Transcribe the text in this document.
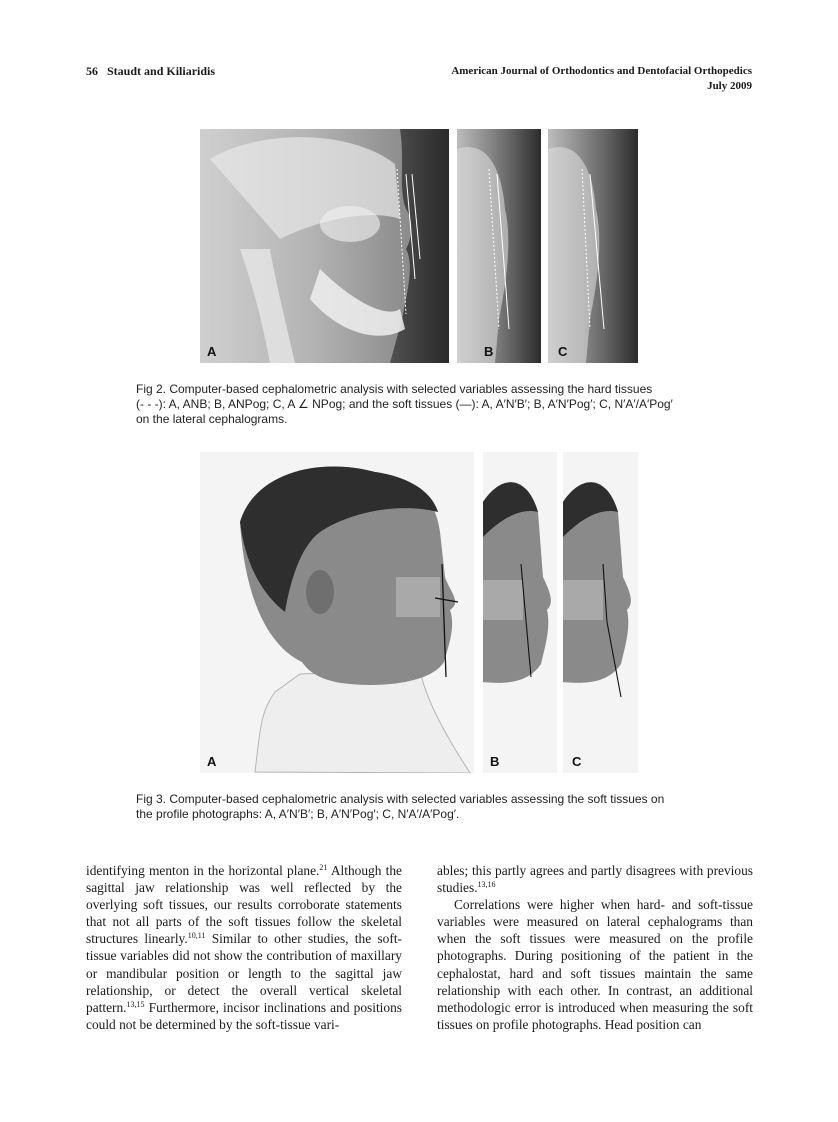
56 Staudt and Kiliaridis	American Journal of Orthodontics and Dentofacial Orthopedics
July 2009
A	B	C
Fig 2. Computer-based cephalometric analysis with selected variables assessing the hard tissues
(- - -): A, ANB; B, ANPog; C, A ∠ NPog; and the soft tissues (—): A, A′N′B′; B, A′N′Pog′; C, N′A′/A′Pog′
on the lateral cephalograms.
A	B	C
Fig 3. Computer-based cephalometric analysis with selected variables assessing the soft tissues on
the profile photographs: A, A′N′B′; B, A′N′Pog′; C, N′A′/A′Pog′.

identifying menton in the horizontal plane.$^{21}$ Although the sagittal jaw relationship was well reflected by the overlying soft tissues, our results corroborate statements that not all parts of the soft tissues follow the skeletal structures linearly.$^{10,11}$ Similar to other studies, the soft-tissue variables did not show the contribution of maxillary or mandibular position or length to the sagittal jaw relationship, or detect the overall vertical skeletal pattern.$^{13,15}$ Furthermore, incisor inclinations and positions could not be determined by the soft-tissue vari-

ables; this partly agrees and partly disagrees with previous studies.$^{13,16}$

Correlations were higher when hard- and soft-tissue variables were measured on lateral cephalograms than when the soft tissues were measured on the profile photographs. During positioning of the patient in the cephalostat, hard and soft tissues maintain the same relationship with each other. In contrast, an additional methodologic error is introduced when measuring the soft tissues on profile photographs. Head position can
